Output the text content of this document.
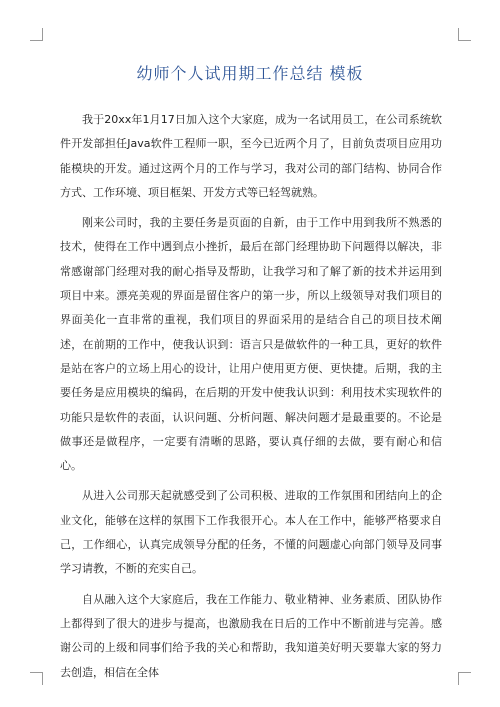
幼师个人试用期工作总结 模板

我于20xx年1月17日加入这个大家庭，成为一名试用员工，在公司系统软件开发部担任Java软件工程师一职，至今已近两个月了，目前负责项目应用功能模块的开发。通过这两个月的工作与学习，我对公司的部门结构、协同合作方式、工作环境、项目框架、开发方式等已轻驾就熟。

刚来公司时，我的主要任务是页面的自新，由于工作中用到我所不熟悉的技术，使得在工作中遇到点小挫折，最后在部门经理协助下问题得以解决，非常感谢部门经理对我的耐心指导及帮助，让我学习和了解了新的技术并运用到项目中来。漂亮美观的界面是留住客户的第一步，所以上级领导对我们项目的界面美化一直非常的重视，我们项目的界面采用的是结合自己的项目技术阐述，在前期的工作中，使我认识到：语言只是做软件的一种工具，更好的软件是站在客户的立场上用心的设计，让用户使用更方便、更快捷。后期，我的主要任务是应用模块的编码，在后期的开发中使我认识到：利用技术实现软件的功能只是软件的表面，认识问题、分析问题、解决问题才是最重要的。不论是做事还是做程序，一定要有清晰的思路，要认真仔细的去做，要有耐心和信心。

从进入公司那天起就感受到了公司积极、进取的工作氛围和团结向上的企业文化，能够在这样的氛围下工作我很开心。本人在工作中，能够严格要求自己，工作细心，认真完成领导分配的任务，不懂的问题虚心向部门领导及同事学习请教，不断的充实自己。

自从融入这个大家庭后，我在工作能力、敬业精神、业务素质、团队协作上都得到了很大的进步与提高，也激励我在日后的工作中不断前进与完善。感谢公司的上级和同事们给予我的关心和帮助，我知道美好明天要靠大家的努力去创造，相信在全体
